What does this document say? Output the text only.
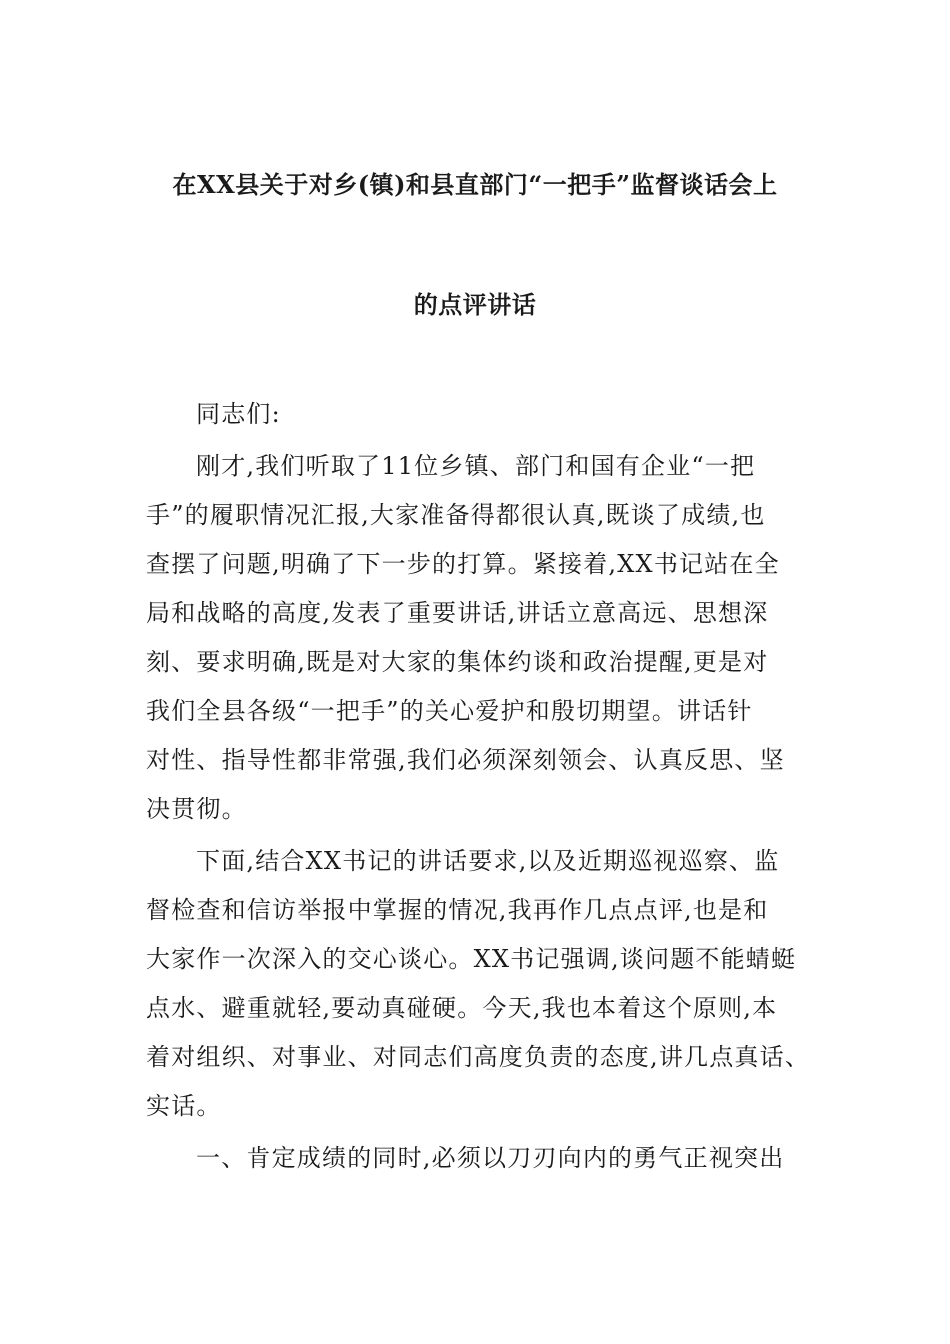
在XX县关于对乡(镇)和县直部门“一把手”监督谈话会上
的点评讲话
同志们:
刚才,我们听取了11位乡镇、部门和国有企业“一把
手”的履职情况汇报,大家准备得都很认真,既谈了成绩,也
查摆了问题,明确了下一步的打算。紧接着,XX书记站在全
局和战略的高度,发表了重要讲话,讲话立意高远、思想深
刻、要求明确,既是对大家的集体约谈和政治提醒,更是对
我们全县各级“一把手”的关心爱护和殷切期望。讲话针
对性、指导性都非常强,我们必须深刻领会、认真反思、坚
决贯彻。
下面,结合XX书记的讲话要求,以及近期巡视巡察、监
督检查和信访举报中掌握的情况,我再作几点点评,也是和
大家作一次深入的交心谈心。XX书记强调,谈问题不能蜻蜓
点水、避重就轻,要动真碰硬。今天,我也本着这个原则,本
着对组织、对事业、对同志们高度负责的态度,讲几点真话、
实话。
一、肯定成绩的同时,必须以刀刃向内的勇气正视突出
